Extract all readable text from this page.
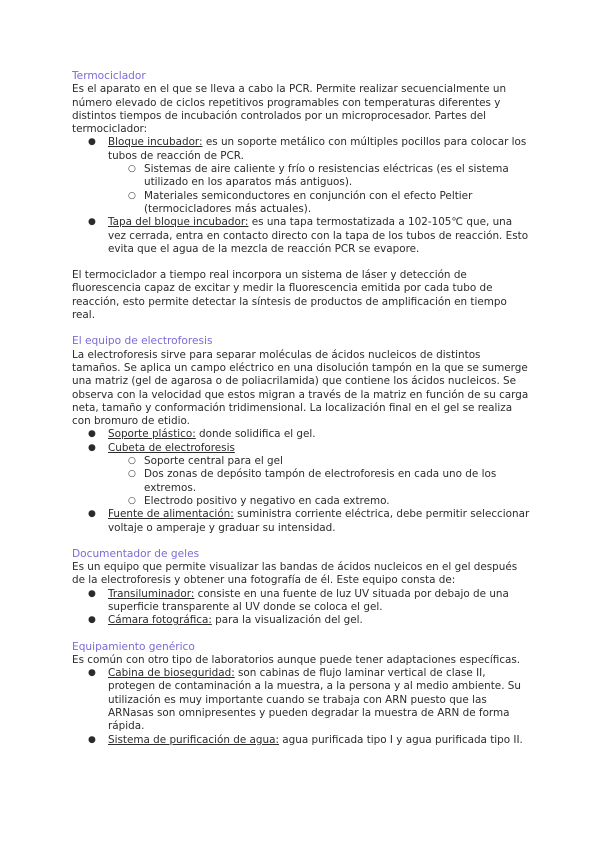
Termociclador

Es el aparato en el que se lleva a cabo la PCR. Permite realizar secuencialmente un número elevado de ciclos repetitivos programables con temperaturas diferentes y distintos tiempos de incubación controlados por un microprocesador. Partes del termociclador:

● Bloque incubador: es un soporte metálico con múltiples pocillos para colocar los tubos de reacción de PCR.
○ Sistemas de aire caliente y frío o resistencias eléctricas (es el sistema utilizado en los aparatos más antiguos).
○ Materiales semiconductores en conjunción con el efecto Peltier (termocicladores más actuales).
● Tapa del bloque incubador: es una tapa termostatizada a 102-105℃ que, una vez cerrada, entra en contacto directo con la tapa de los tubos de reacción. Esto evita que el agua de la mezcla de reacción PCR se evapore.

El termociclador a tiempo real incorpora un sistema de láser y detección de fluorescencia capaz de excitar y medir la fluorescencia emitida por cada tubo de reacción, esto permite detectar la síntesis de productos de amplificación en tiempo real.

El equipo de electroforesis

La electroforesis sirve para separar moléculas de ácidos nucleicos de distintos tamaños. Se aplica un campo eléctrico en una disolución tampón en la que se sumerge una matriz (gel de agarosa o de poliacrilamida) que contiene los ácidos nucleicos. Se observa con la velocidad que estos migran a través de la matriz en función de su carga neta, tamaño y conformación tridimensional. La localización final en el gel se realiza con bromuro de etidio.

● Soporte plástico: donde solidifica el gel.
● Cubeta de electroforesis
○ Soporte central para el gel
○ Dos zonas de depósito tampón de electroforesis en cada uno de los extremos.
○ Electrodo positivo y negativo en cada extremo.
● Fuente de alimentación: suministra corriente eléctrica, debe permitir seleccionar voltaje o amperaje y graduar su intensidad.
Documentador de geles

Es un equipo que permite visualizar las bandas de ácidos nucleicos en el gel después de la electroforesis y obtener una fotografía de él. Este equipo consta de:

● Transiluminador: consiste en una fuente de luz UV situada por debajo de una superficie transparente al UV donde se coloca el gel.
● Cámara fotográfica: para la visualización del gel.
Equipamiento genérico

Es común con otro tipo de laboratorios aunque puede tener adaptaciones específicas.

● Cabina de bioseguridad: son cabinas de flujo laminar vertical de clase II, protegen de contaminación a la muestra, a la persona y al medio ambiente. Su utilización es muy importante cuando se trabaja con ARN puesto que las ARNasas son omnipresentes y pueden degradar la muestra de ARN de forma rápida.
● Sistema de purificación de agua: agua purificada tipo I y agua purificada tipo II.
